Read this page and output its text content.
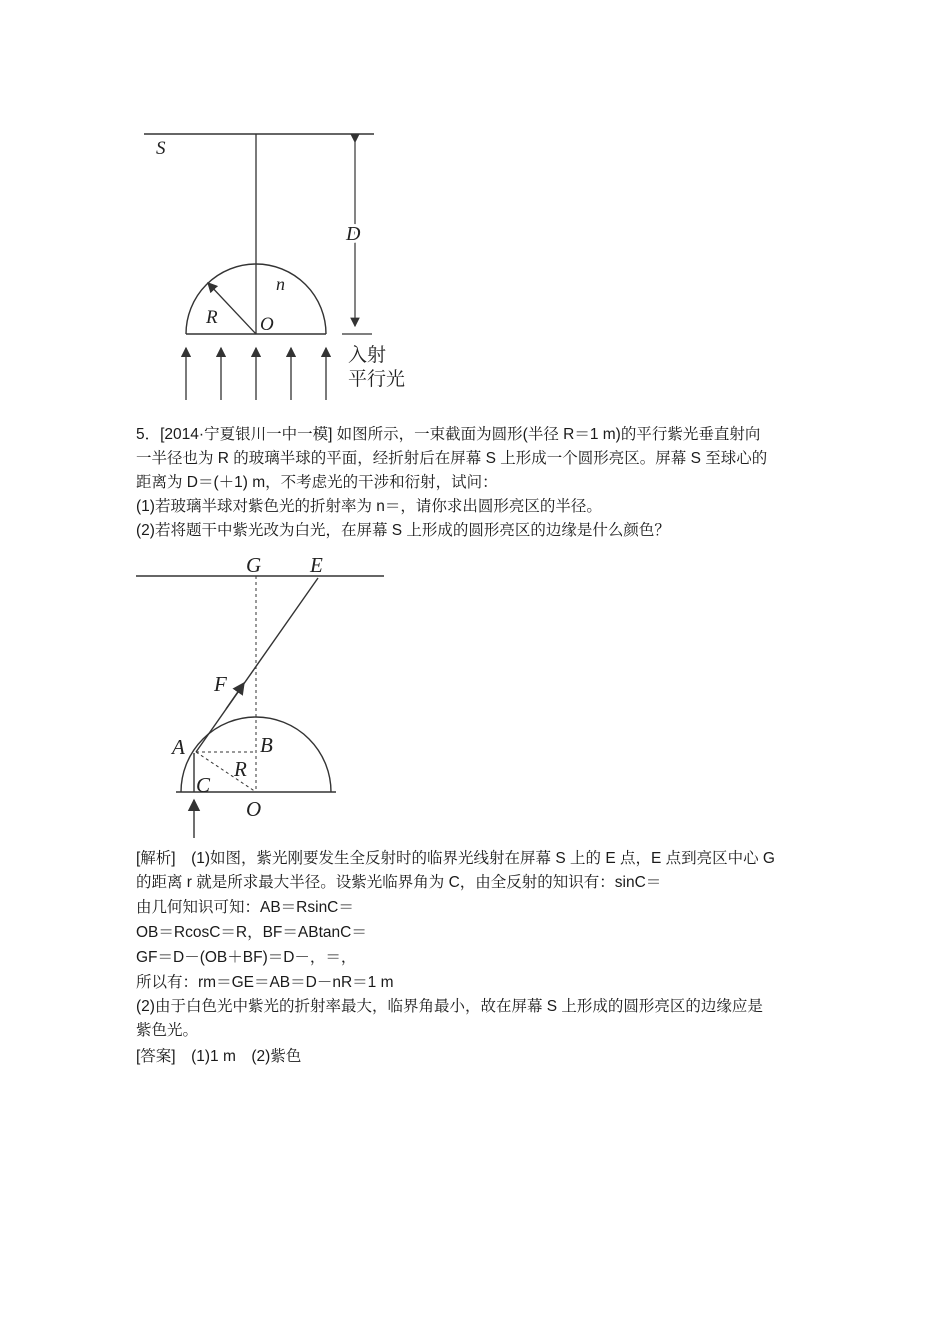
S
n
R O
D
入射
平行光
5．[2014·宁夏银川一中一模] 如图所示，一束截面为圆形(半径 R＝1 m)的平行紫光垂直射向
一半径也为 R 的玻璃半球的平面，经折射后在屏幕 S 上形成一个圆形亮区。屏幕 S 至球心的
距离为 D＝(＋1) m，不考虑光的干涉和衍射，试问：
(1)若玻璃半球对紫色光的折射率为 n＝，请你求出圆形亮区的半径。
(2)若将题干中紫光改为白光，在屏幕 S 上形成的圆形亮区的边缘是什么颜色？
G E
F
A	B
R
C
O
[解析]　(1)如图，紫光刚要发生全反射时的临界光线射在屏幕 S 上的 E 点，E 点到亮区中心 G
的距离 r 就是所求最大半径。设紫光临界角为 C，由全反射的知识有：sinC＝
由几何知识可知：AB＝RsinC＝
OB＝RcosC＝R，BF＝ABtanC＝
GF＝D－(OB＋BF)＝D－，＝，
所以有：rm＝GE＝AB＝D－nR＝1 m
(2)由于白色光中紫光的折射率最大，临界角最小，故在屏幕 S 上形成的圆形亮区的边缘应是
紫色光。
[答案]　(1)1 m　(2)紫色
